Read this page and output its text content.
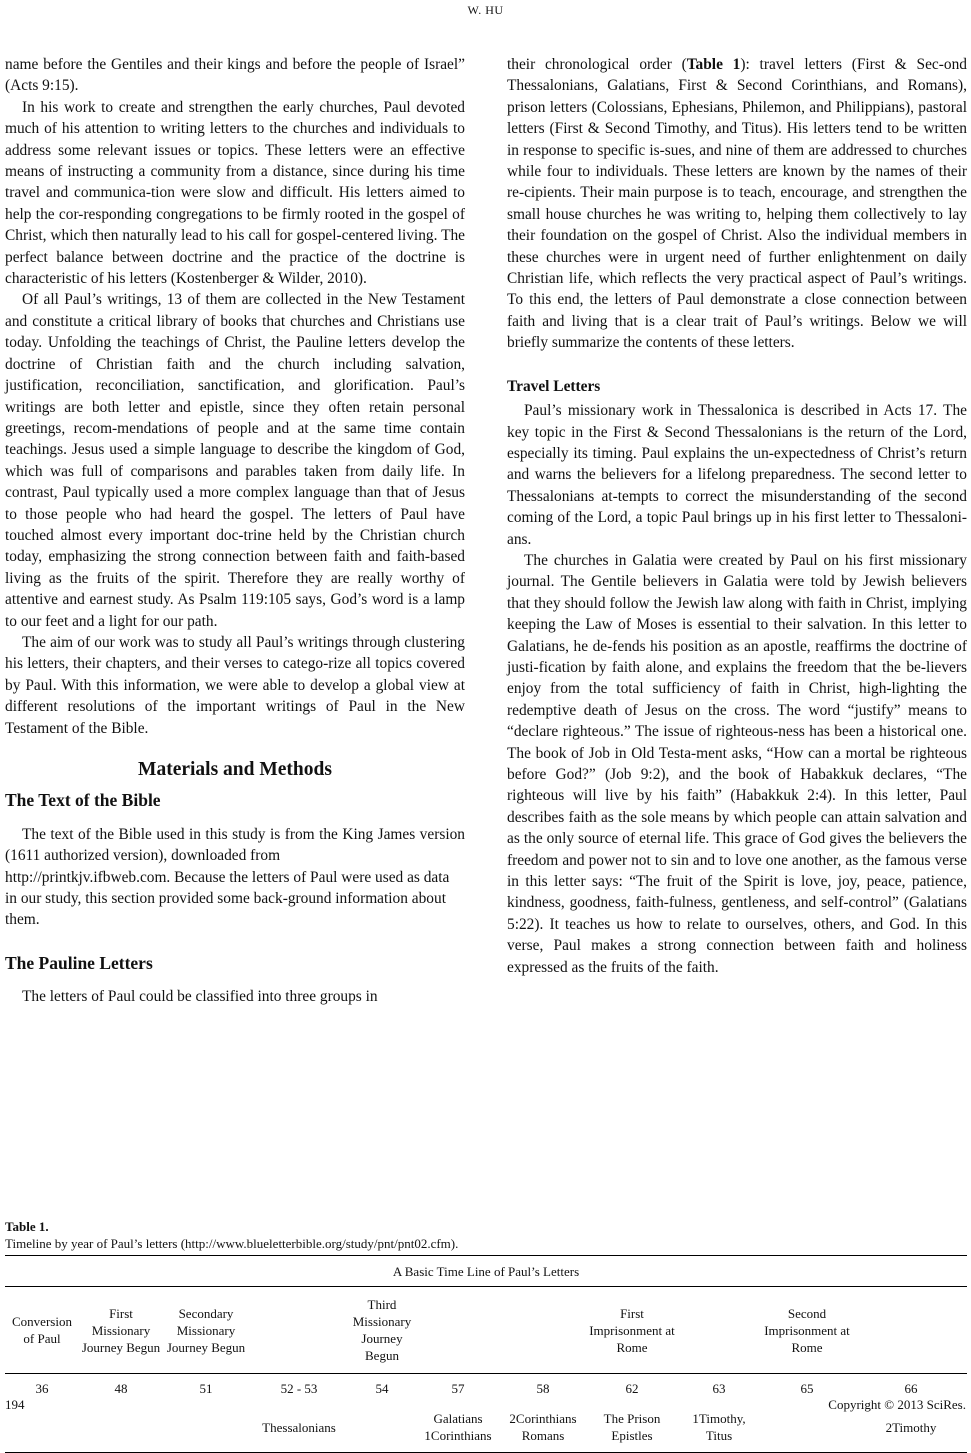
W. HU

name before the Gentiles and their kings and before the people of Israel” (Acts 9:15).

In his work to create and strengthen the early churches, Paul devoted much of his attention to writing letters to the churches and individuals to address some relevant issues or topics. These letters were an effective means of instructing a community from a distance, since during his time travel and communica-tion were slow and difficult. His letters aimed to help the cor-responding congregations to be firmly rooted in the gospel of Christ, which then naturally lead to his call for gospel-centered living. The perfect balance between doctrine and the practice of the doctrine is characteristic of his letters (Kostenberger & Wilder, 2010).

Of all Paul’s writings, 13 of them are collected in the New Testament and constitute a critical library of books that churches and Christians use today. Unfolding the teachings of Christ, the Pauline letters develop the doctrine of Christian faith and the church including salvation, justification, reconciliation, sanctification, and glorification. Paul’s writings are both letter and epistle, since they often retain personal greetings, recom-mendations of people and at the same time contain teachings. Jesus used a simple language to describe the kingdom of God, which was full of comparisons and parables taken from daily life. In contrast, Paul typically used a more complex language than that of Jesus to those people who had heard the gospel. The letters of Paul have touched almost every important doc-trine held by the Christian church today, emphasizing the strong connection between faith and faith-based living as the fruits of the spirit. Therefore they are really worthy of attentive and earnest study. As Psalm 119:105 says, God’s word is a lamp to our feet and a light for our path.

The aim of our work was to study all Paul’s writings through clustering his letters, their chapters, and their verses to catego-rize all topics covered by Paul. With this information, we were able to develop a global view at different resolutions of the important writings of Paul in the New Testament of the Bible.

Materials and Methods
The Text of the Bible

The text of the Bible used in this study is from the King James version (1611 authorized version), downloaded from

http://printkjv.ifbweb.com. Because the letters of Paul were used as data in our study, this section provided some back-ground information about them.

The Pauline Letters

The letters of Paul could be classified into three groups in

their chronological order (Table 1): travel letters (First & Sec-ond Thessalonians, Galatians, First & Second Corinthians, and Romans), prison letters (Colossians, Ephesians, Philemon, and Philippians), pastoral letters (First & Second Timothy, and Titus). His letters tend to be written in response to specific is-sues, and nine of them are addressed to churches while four to individuals. These letters are known by the names of their re-cipients. Their main purpose is to teach, encourage, and strengthen the small house churches he was writing to, helping them collectively to lay their foundation on the gospel of Christ. Also the individual members in these churches were in urgent need of further enlightenment on daily Christian life, which reflects the very practical aspect of Paul’s writings. To this end, the letters of Paul demonstrate a close connection between faith and living that is a clear trait of Paul’s writings. Below we will briefly summarize the contents of these letters.

Travel Letters

Paul’s missionary work in Thessalonica is described in Acts 17. The key topic in the First & Second Thessalonians is the return of the Lord, especially its timing. Paul explains the un-expectedness of Christ’s return and warns the believers for a lifelong preparedness. The second letter to Thessalonians at-tempts to correct the misunderstanding of the second coming of the Lord, a topic Paul brings up in his first letter to Thessaloni-ans.

The churches in Galatia were created by Paul on his first missionary journal. The Gentile believers in Galatia were told by Jewish believers that they should follow the Jewish law along with faith in Christ, implying keeping the Law of Moses is essential to their salvation. In this letter to Galatians, he de-fends his position as an apostle, reaffirms the doctrine of justi-fication by faith alone, and explains the freedom that the be-lievers enjoy from the total sufficiency of faith in Christ, high-lighting the redemptive death of Jesus on the cross. The word “justify” means to “declare righteous.” The issue of righteous-ness has been a historical one. The book of Job in Old Testa-ment asks, “How can a mortal be righteous before God?” (Job 9:2), and the book of Habakkuk declares, “The righteous will live by his faith” (Habakkuk 2:4). In this letter, Paul describes faith as the sole means by which people can attain salvation and as the only source of eternal life. This grace of God gives the believers the freedom and power not to sin and to love one another, as the famous verse in this letter says: “The fruit of the Spirit is love, joy, peace, patience, kindness, goodness, faith-fulness, gentleness, and self-control” (Galatians 5:22). It teaches us how to relate to ourselves, others, and God. In this verse, Paul makes a strong connection between faith and holiness expressed as the fruits of the faith.

Table 1.
Timeline by year of Paul’s letters (http://www.blueletterbible.org/study/pnt/pnt02.cfm).
A Basic Time Line of Paul’s Letters										
Conversion of Paul	First Missionary Journey Begun	Secondary Missionary Journey Begun		Third Missionary Journey Begun			First Imprisonment at Rome		Second Imprisonment at Rome	
36	48	51	52 - 53	54	57	58	62	63	65	66
			Thessalonians		Galatians 1Corinthians	2Corinthians Romans	The Prison Epistles	1Timothy, Titus		2Timothy
194	Copyright © 2013 SciRes.
